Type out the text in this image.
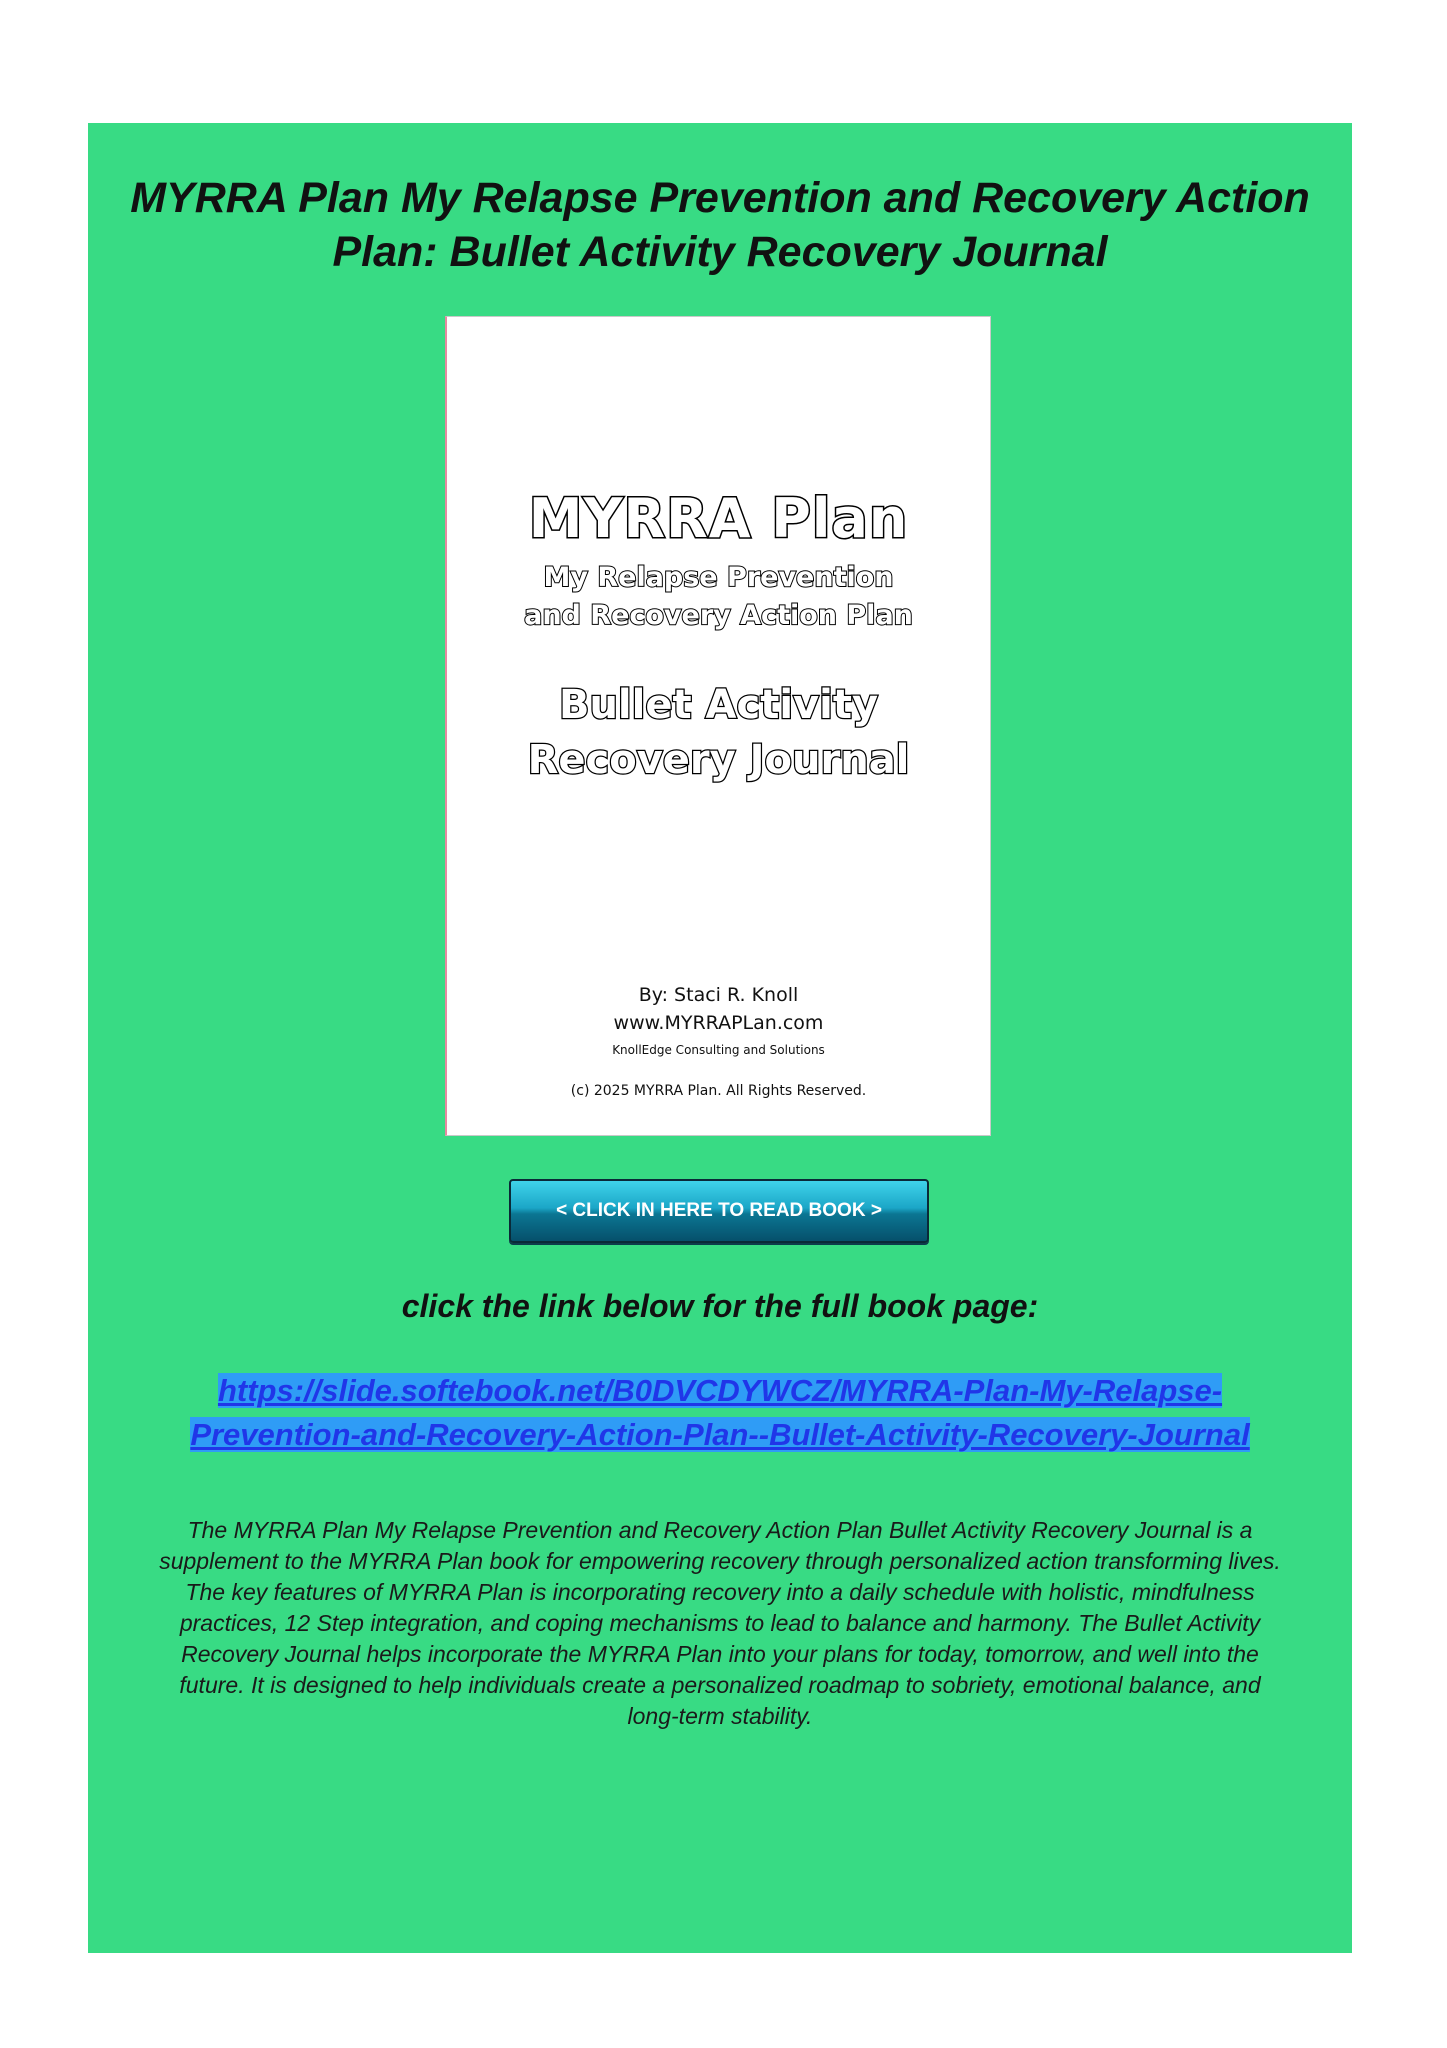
MYRRA Plan My Relapse Prevention and Recovery Action
Plan: Bullet Activity Recovery Journal
MYRRA Plan
My Relapse Prevention
and Recovery Action Plan
Bullet Activity
Recovery Journal
By: Staci R. Knoll
www.MYRRAPLan.com
KnollEdge Consulting and Solutions
(c) 2025 MYRRA Plan. All Rights Reserved.
< CLICK IN HERE TO READ BOOK >

click the link below for the full book page:

https://slide.softebook.net/B0DVCDYWCZ/MYRRA-Plan-My-Relapse-
Prevention-and-Recovery-Action-Plan--Bullet-Activity-Recovery-Journal

The MYRRA Plan My Relapse Prevention and Recovery Action Plan Bullet Activity Recovery Journal is a
supplement to the MYRRA Plan book for empowering recovery through personalized action transforming lives.
The key features of MYRRA Plan is incorporating recovery into a daily schedule with holistic, mindfulness
practices, 12 Step integration, and coping mechanisms to lead to balance and harmony. The Bullet Activity
Recovery Journal helps incorporate the MYRRA Plan into your plans for today, tomorrow, and well into the
future. It is designed to help individuals create a personalized roadmap to sobriety, emotional balance, and
long-term stability.
